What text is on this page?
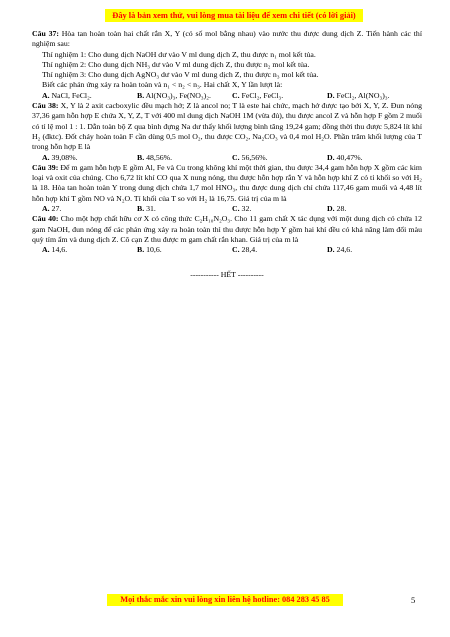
Đây là bản xem thử, vui lòng mua tài liệu để xem chi tiết (có lời giải)

Câu 37: Hòa tan hoàn toàn hai chất rắn X, Y (có số mol bằng nhau) vào nước thu được dung dịch Z. Tiến hành các thí nghiệm sau:

Thí nghiệm 1: Cho dung dịch NaOH dư vào V ml dung dịch Z, thu được n₁ mol kết tủa.

Thí nghiệm 2: Cho dung dịch NH₃ dư vào V ml dung dịch Z, thu được n₂ mol kết tủa.

Thí nghiệm 3: Cho dung dịch AgNO₃ dư vào V ml dung dịch Z, thu được n₃ mol kết tủa.

Biết các phản ứng xảy ra hoàn toàn và n₁ < n₂ < n₃. Hai chất X, Y lần lượt là:

A. NaCl, FeCl₂.	B. Al(NO₃)₃, Fe(NO₃)₂.	C. FeCl₂, FeCl₃.	D. FeCl₂, Al(NO₃)₃.

Câu 38: X, Y là 2 axit cacboxylic đều mạch hở; Z là ancol no; T là este hai chức, mạch hở được tạo bởi X, Y, Z. Đun nóng 37,36 gam hỗn hợp E chứa X, Y, Z, T với 400 ml dung dịch NaOH 1M (vừa đủ), thu được ancol Z và hỗn hợp F gồm 2 muối có tỉ lệ mol 1 : 1. Dẫn toàn bộ Z qua bình đựng Na dư thấy khối lượng bình tăng 19,24 gam; đồng thời thu được 5,824 lít khí H₂ (đktc). Đốt cháy hoàn toàn F cần dùng 0,5 mol O₂, thu được CO₂, Na₂CO₃ và 0,4 mol H₂O. Phần trăm khối lượng của T trong hỗn hợp E là

A. 39,08%.	B. 48,56%.	C. 56,56%.	D. 40,47%.

Câu 39: Để m gam hỗn hợp E gồm Al, Fe và Cu trong không khí một thời gian, thu được 34,4 gam hỗn hợp X gồm các kim loại và oxit của chúng. Cho 6,72 lít khí CO qua X nung nóng, thu được hỗn hợp rắn Y và hỗn hợp khí Z có tỉ khối so với H₂ là 18. Hòa tan hoàn toàn Y trong dung dịch chứa 1,7 mol HNO₃, thu được dung dịch chỉ chứa 117,46 gam muối và 4,48 lít hỗn hợp khí T gồm NO và N₂O. Tỉ khối của T so với H₂ là 16,75. Giá trị của m là

A. 27.	B. 31.	C. 32.	D. 28.

Câu 40: Cho một hợp chất hữu cơ X có công thức C₂H₁₀N₂O₃. Cho 11 gam chất X tác dụng với một dung dịch có chứa 12 gam NaOH, đun nóng để các phản ứng xảy ra hoàn toàn thì thu được hỗn hợp Y gồm hai khí đều có khả năng làm đổi màu quỳ tím ẩm và dung dịch Z. Cô cạn Z thu được m gam chất rắn khan. Giá trị của m là

A. 14,6.	B. 10,6.	C. 28,4.	D. 24,6.

----------- HẾT ----------

Mọi thắc mắc xin vui lòng xin liên hệ hotline: 084 283 45 85	5
